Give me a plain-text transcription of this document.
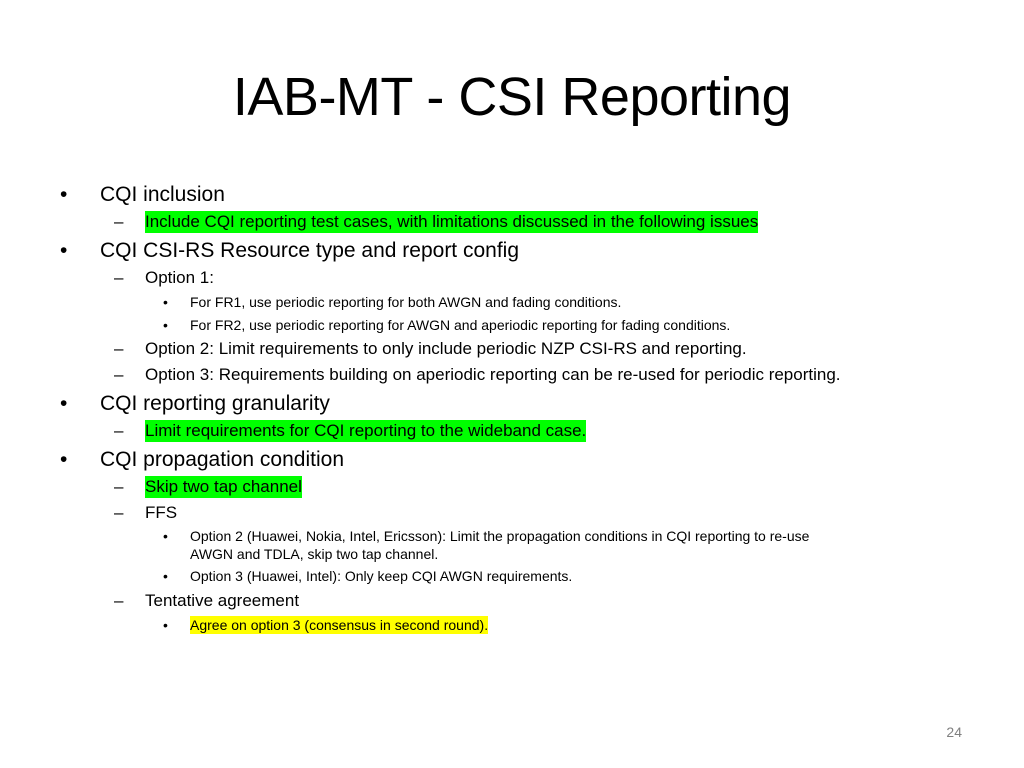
IAB-MT - CSI Reporting
• CQI inclusion
– Include CQI reporting test cases, with limitations discussed in the following issues
• CQI CSI-RS Resource type and report config
– Option 1:
• For FR1, use periodic reporting for both AWGN and fading conditions.
• For FR2, use periodic reporting for AWGN and aperiodic reporting for fading conditions.
– Option 2: Limit requirements to only include periodic NZP CSI-RS and reporting.
– Option 3: Requirements building on aperiodic reporting can be re-used for periodic reporting.
• CQI reporting granularity
– Limit requirements for CQI reporting to the wideband case.
• CQI propagation condition
– Skip two tap channel
– FFS
• Option 2 (Huawei, Nokia, Intel, Ericsson): Limit the propagation conditions in CQI reporting to re-use
AWGN and TDLA, skip two tap channel.
• Option 3 (Huawei, Intel): Only keep CQI AWGN requirements.
– Tentative agreement
• Agree on option 3 (consensus in second round).
24
